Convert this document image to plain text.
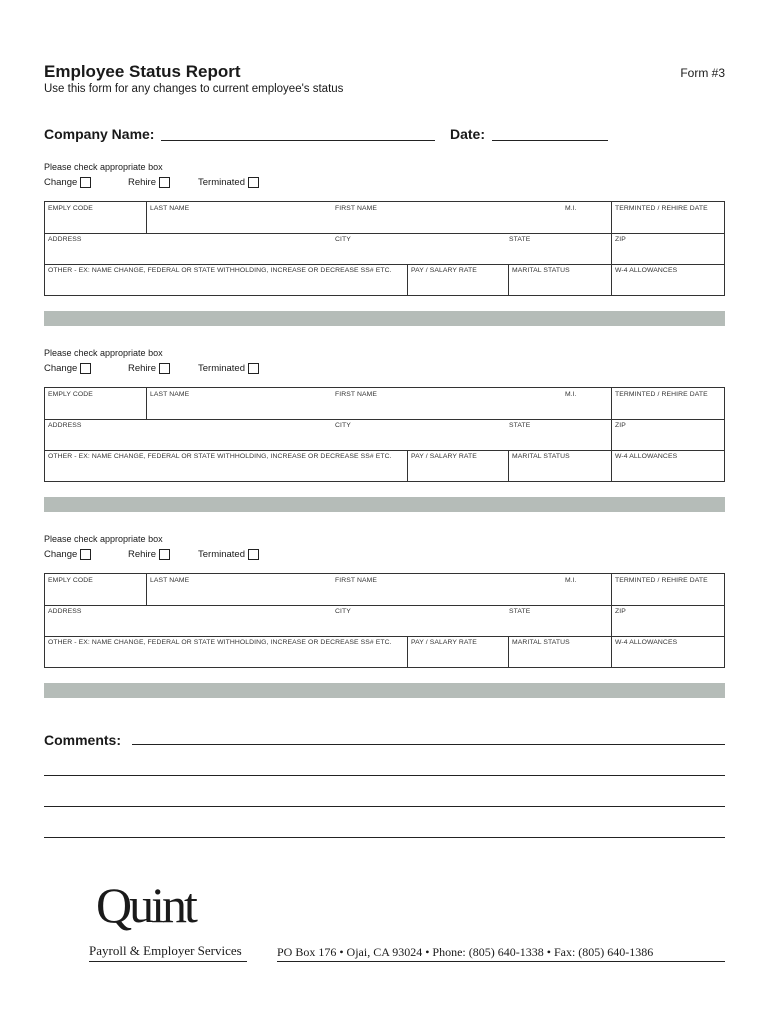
Employee Status Report	Form #3
Use this form for any changes to current employee's status
Company Name:	Date:
Please check appropriate box
Change	Rehire	Terminated
EMPLY CODE	LAST NAME	FIRST NAME	M.I.	TERMINTED / REHIRE DATE
ADDRESS	CITY	STATE	ZIP
OTHER - EX: NAME CHANGE, FEDERAL OR STATE WITHHOLDING, INCREASE OR DECREASE SS# ETC.	PAY / SALARY RATE	MARITAL STATUS	W-4 ALLOWANCES
Please check appropriate box
Change	Rehire	Terminated
EMPLY CODE	LAST NAME	FIRST NAME	M.I.	TERMINTED / REHIRE DATE
ADDRESS	CITY	STATE	ZIP
OTHER - EX: NAME CHANGE, FEDERAL OR STATE WITHHOLDING, INCREASE OR DECREASE SS# ETC.	PAY / SALARY RATE	MARITAL STATUS	W-4 ALLOWANCES
Please check appropriate box
Change	Rehire	Terminated
EMPLY CODE	LAST NAME	FIRST NAME	M.I.	TERMINTED / REHIRE DATE
ADDRESS	CITY	STATE	ZIP
OTHER - EX: NAME CHANGE, FEDERAL OR STATE WITHHOLDING, INCREASE OR DECREASE SS# ETC.	PAY / SALARY RATE	MARITAL STATUS	W-4 ALLOWANCES
Comments:
Quint
Payroll & Employer Services	PO Box 176 • Ojai, CA 93024 • Phone: (805) 640-1338 • Fax: (805) 640-1386
